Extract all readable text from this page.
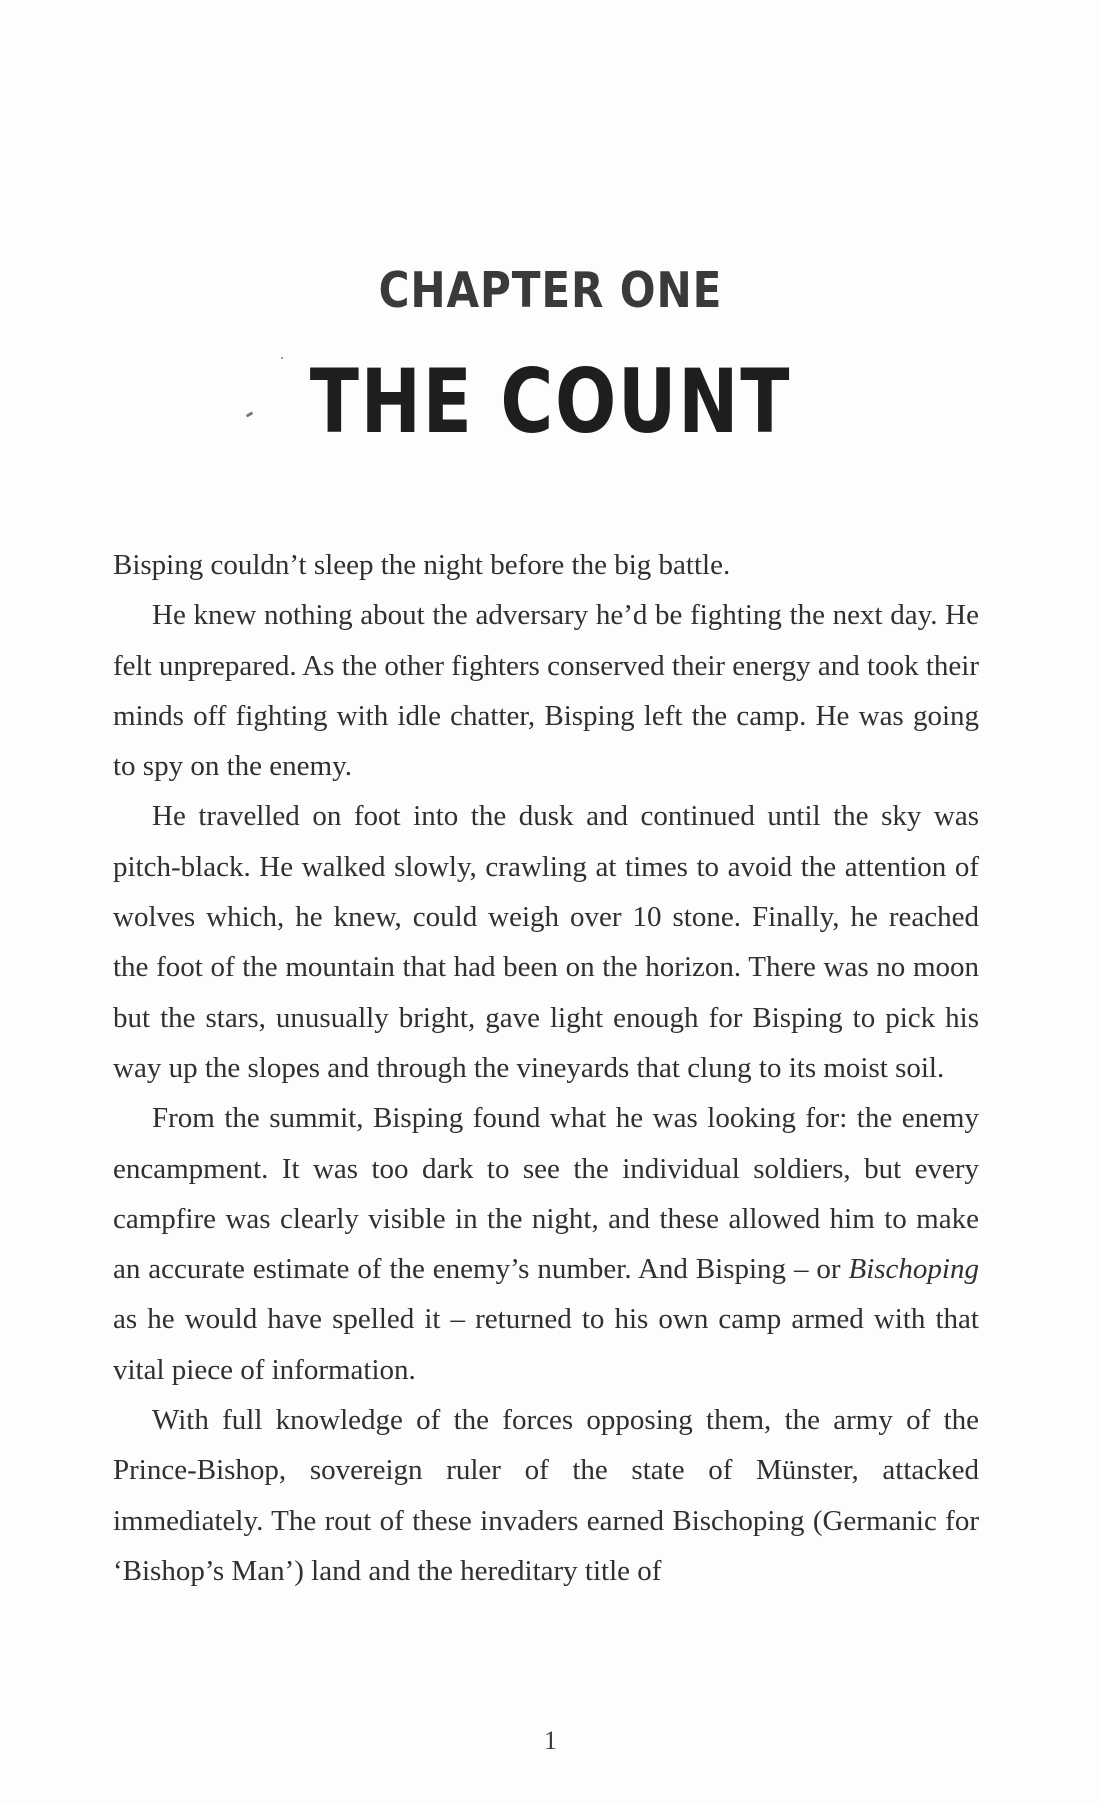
CHAPTER ONE
THE COUNT

Bisping couldn’t sleep the night before the big battle.

He knew nothing about the adversary he’d be fighting the next day. He felt unprepared. As the other fighters conserved their energy and took their minds off fighting with idle chatter, Bisping left the camp. He was going to spy on the enemy.

He travelled on foot into the dusk and continued until the sky was pitch-black. He walked slowly, crawling at times to avoid the attention of wolves which, he knew, could weigh over 10 stone. Finally, he reached the foot of the mountain that had been on the horizon. There was no moon but the stars, unusually bright, gave light enough for Bisping to pick his way up the slopes and through the vineyards that clung to its moist soil.

From the summit, Bisping found what he was looking for: the enemy encampment. It was too dark to see the individual soldiers, but every campfire was clearly visible in the night, and these allowed him to make an accurate estimate of the enemy’s number. And Bisping – or Bischoping as he would have spelled it – returned to his own camp armed with that vital piece of information.

With full knowledge of the forces opposing them, the army of the Prince-Bishop, sovereign ruler of the state of Münster, attacked immediately. The rout of these invaders earned Bischoping (Germanic for ‘Bishop’s Man’) land and the hereditary title of

1
